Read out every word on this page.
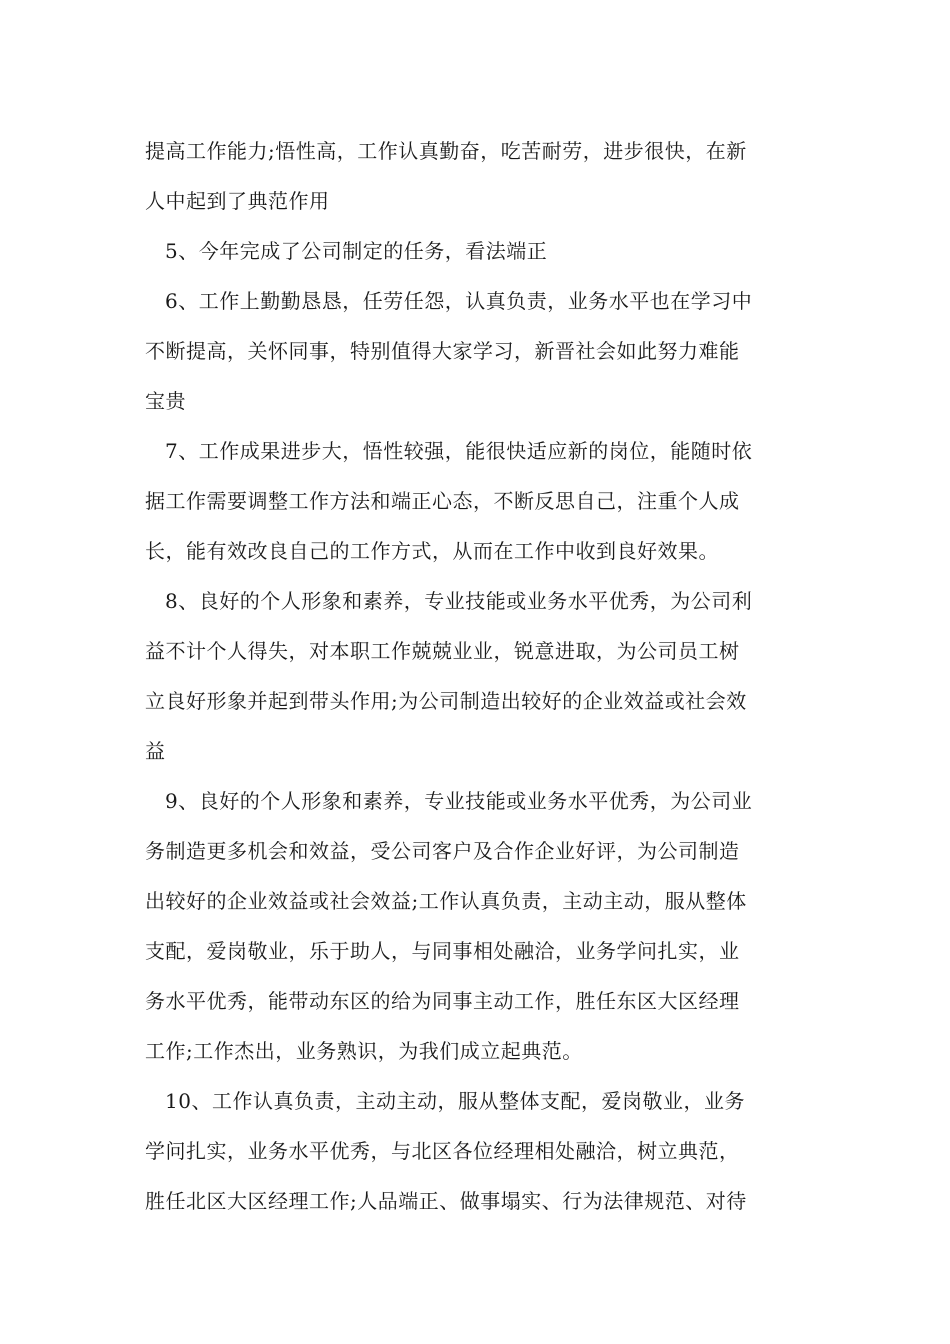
提高工作能力;悟性高，工作认真勤奋，吃苦耐劳，进步很快，在新
人中起到了典范作用
5、今年完成了公司制定的任务，看法端正
6、工作上勤勤恳恳，任劳任怨，认真负责，业务水平也在学习中
不断提高，关怀同事，特别值得大家学习，新晋社会如此努力难能
宝贵
7、工作成果进步大，悟性较强，能很快适应新的岗位，能随时依
据工作需要调整工作方法和端正心态，不断反思自己，注重个人成
长，能有效改良自己的工作方式，从而在工作中收到良好效果。
8、良好的个人形象和素养，专业技能或业务水平优秀，为公司利
益不计个人得失，对本职工作兢兢业业，锐意进取，为公司员工树
立良好形象并起到带头作用;为公司制造出较好的企业效益或社会效
益
9、良好的个人形象和素养，专业技能或业务水平优秀，为公司业
务制造更多机会和效益，受公司客户及合作企业好评，为公司制造
出较好的企业效益或社会效益;工作认真负责，主动主动，服从整体
支配，爱岗敬业，乐于助人，与同事相处融洽，业务学问扎实，业
务水平优秀，能带动东区的给为同事主动工作，胜任东区大区经理
工作;工作杰出，业务熟识，为我们成立起典范。
10、工作认真负责，主动主动，服从整体支配，爱岗敬业，业务
学问扎实，业务水平优秀，与北区各位经理相处融洽，树立典范，
胜任北区大区经理工作;人品端正、做事塌实、行为法律规范、对待
